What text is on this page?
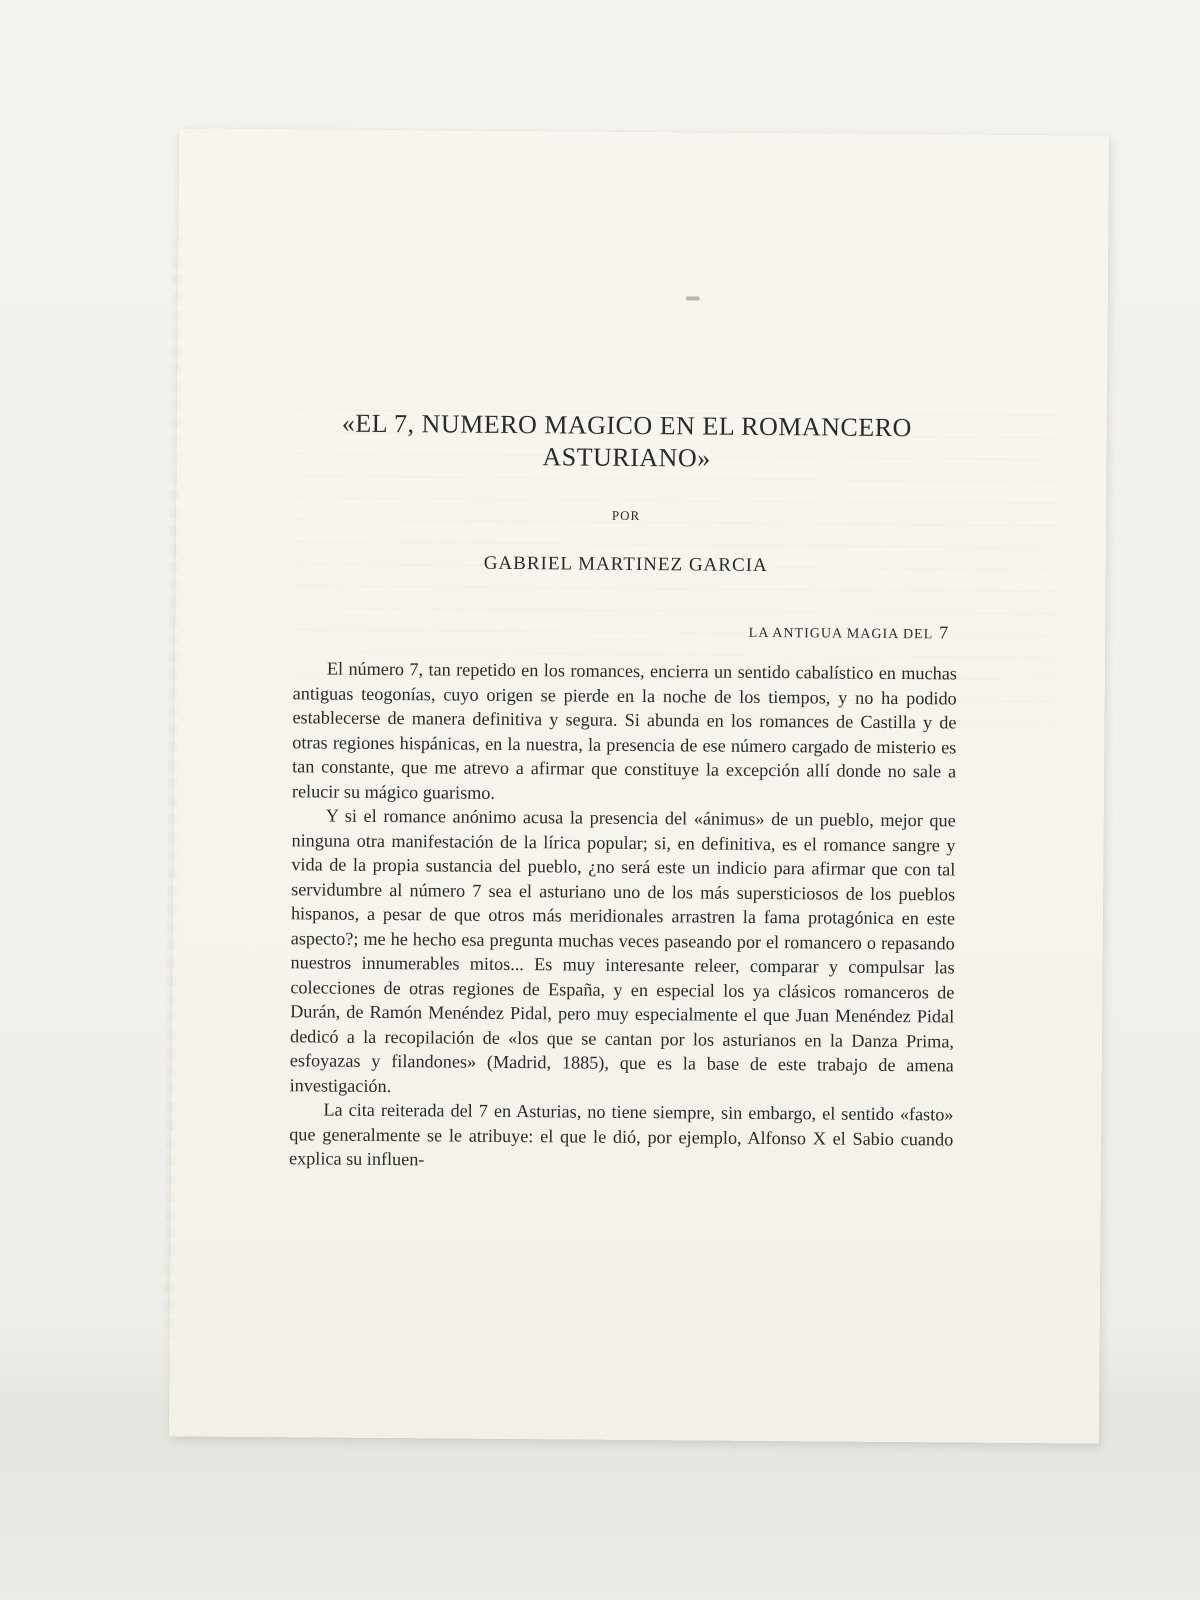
«EL 7, NUMERO MAGICO EN EL ROMANCERO
ASTURIANO»
POR
GABRIEL MARTINEZ GARCIA
LA ANTIGUA MAGIA DEL 7

El número 7, tan repetido en los romances, encierra un sentido cabalístico en muchas antiguas teogonías, cuyo origen se pierde en la noche de los tiempos, y no ha podido establecerse de manera definitiva y segura. Si abunda en los romances de Castilla y de otras regiones hispánicas, en la nuestra, la presencia de ese número cargado de misterio es tan constante, que me atrevo a afirmar que constituye la excepción allí donde no sale a relucir su mágico guarismo.

Y si el romance anónimo acusa la presencia del «ánimus» de un pueblo, mejor que ninguna otra manifestación de la lírica popular; si, en definitiva, es el romance sangre y vida de la propia sustancia del pueblo, ¿no será este un indicio para afirmar que con tal servidumbre al número 7 sea el asturiano uno de los más supersticiosos de los pueblos hispanos, a pesar de que otros más meridionales arrastren la fama protagónica en este aspecto?; me he hecho esa pregunta muchas veces paseando por el romancero o repasando nuestros innumerables mitos... Es muy interesante releer, comparar y compulsar las colecciones de otras regiones de España, y en especial los ya clásicos romanceros de Durán, de Ramón Menéndez Pidal, pero muy especialmente el que Juan Menéndez Pidal dedicó a la recopilación de «los que se cantan por los asturianos en la Danza Prima, esfoyazas y filandones» (Madrid, 1885), que es la base de este trabajo de amena investigación.

La cita reiterada del 7 en Asturias, no tiene siempre, sin embargo, el sentido «fasto» que generalmente se le atribuye: el que le dió, por ejemplo, Alfonso X el Sabio cuando explica su influen-
